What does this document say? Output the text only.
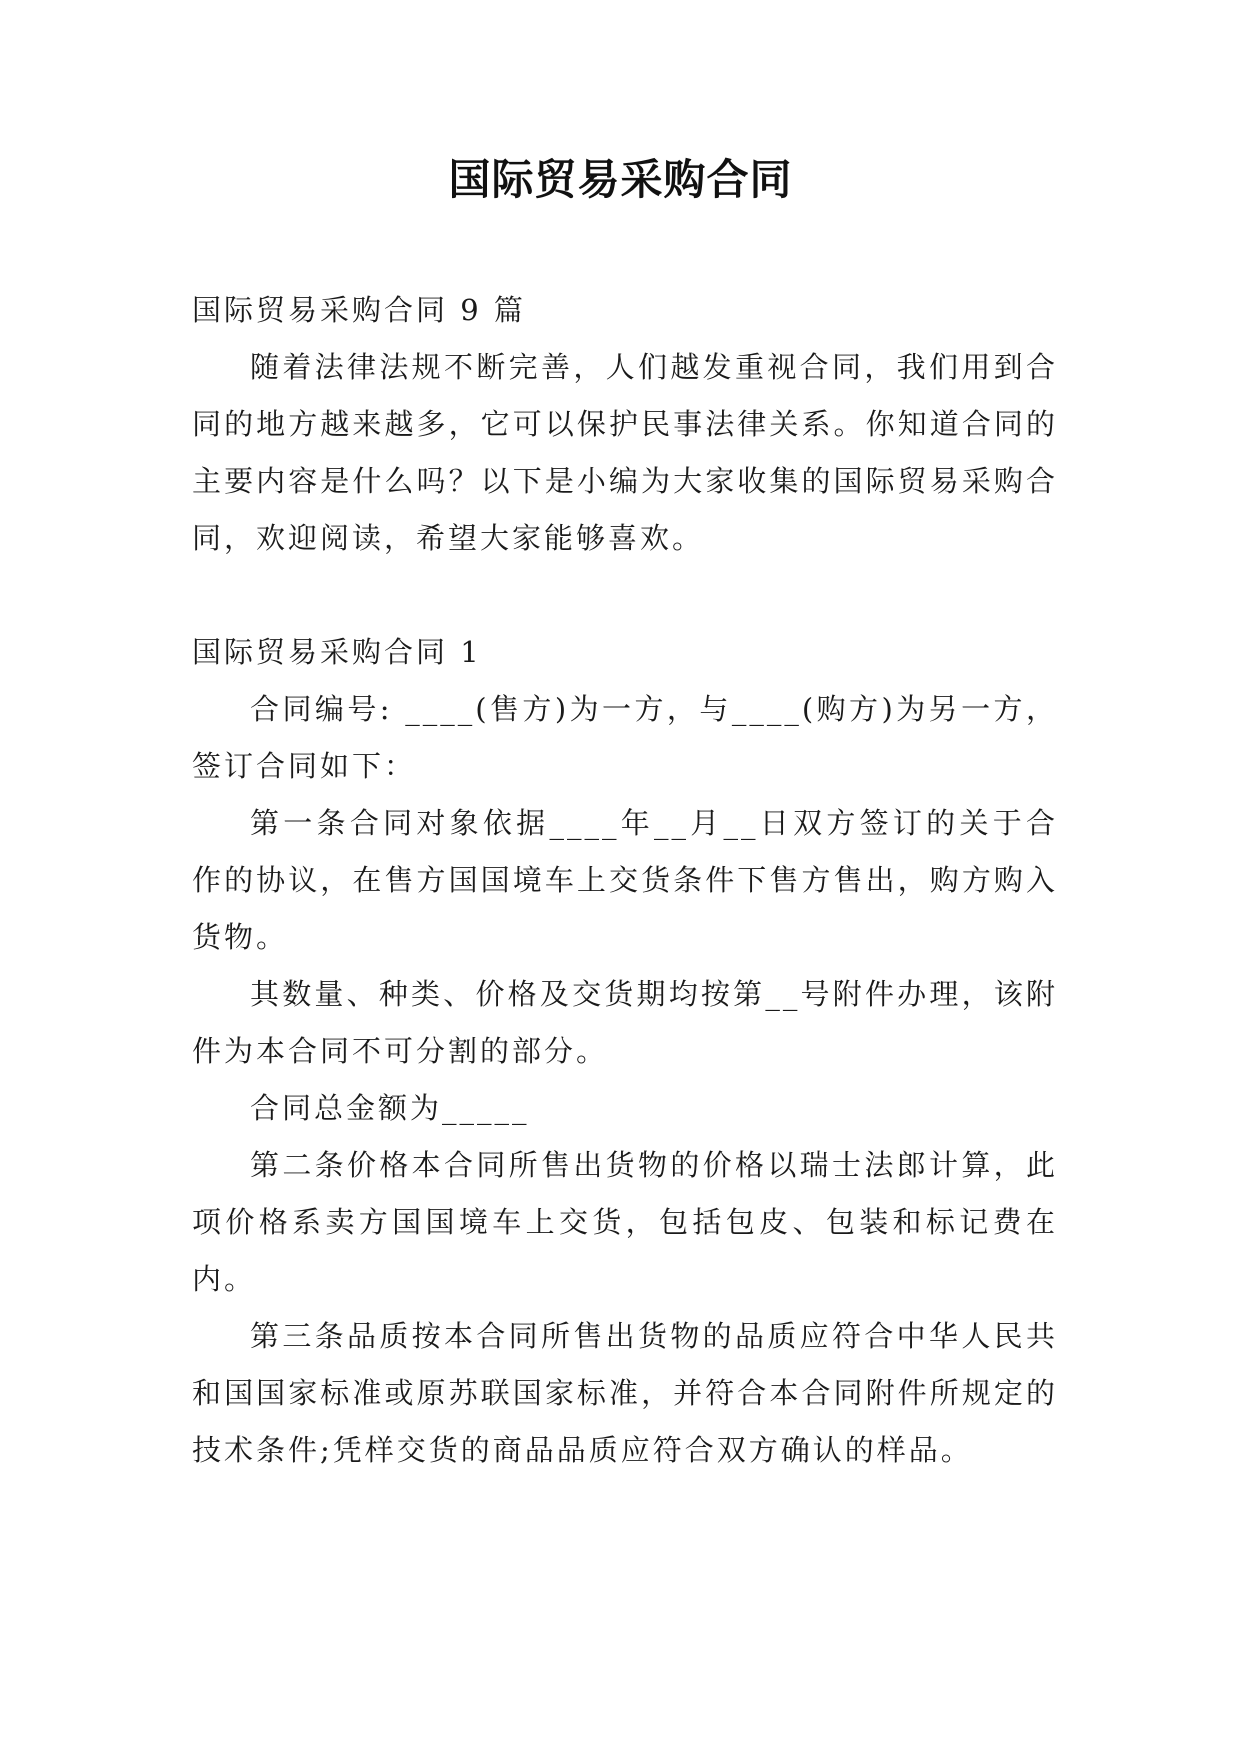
国际贸易采购合同

国际贸易采购合同 9 篇

随着法律法规不断完善，人们越发重视合同，我们用到合同的地方越来越多，它可以保护民事法律关系。你知道合同的主要内容是什么吗？以下是小编为大家收集的国际贸易采购合同，欢迎阅读，希望大家能够喜欢。

国际贸易采购合同 1

合同编号: ____(售方)为一方，与____(购方)为另一方，签订合同如下：

第一条合同对象依据____年__月__日双方签订的关于合作的协议，在售方国国境车上交货条件下售方售出，购方购入货物。

其数量、种类、价格及交货期均按第__号附件办理，该附件为本合同不可分割的部分。

合同总金额为_____

第二条价格本合同所售出货物的价格以瑞士法郎计算，此项价格系卖方国国境车上交货，包括包皮、包装和标记费在内。

第三条品质按本合同所售出货物的品质应符合中华人民共和国国家标准或原苏联国家标准，并符合本合同附件所规定的技术条件;凭样交货的商品品质应符合双方确认的样品。
